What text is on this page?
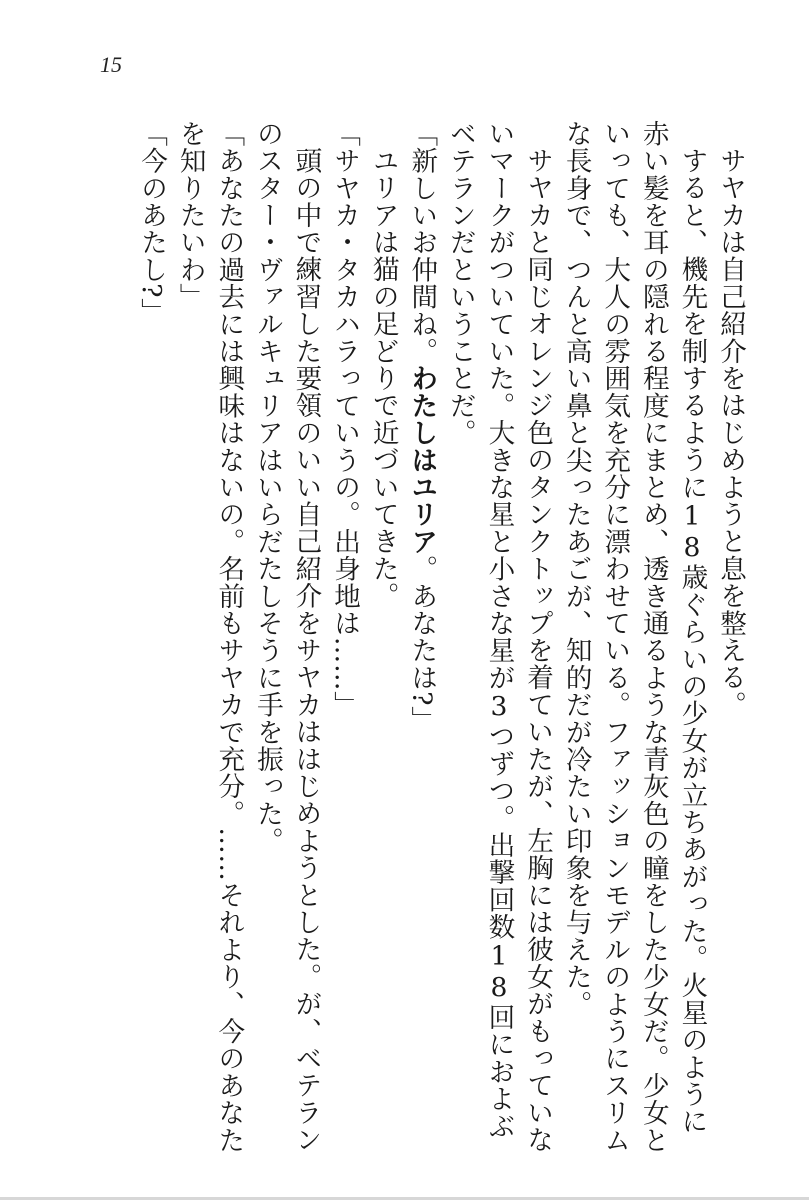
15

サヤカは自己紹介をはじめようと息を整える。

すると、機先を制するように18歳ぐらいの少女が立ちあがった。火星のように赤い髪を耳の隠れる程度にまとめ、透き通るような青灰色の瞳をした少女だ。少女といっても、大人の雰囲気を充分に漂わせている。ファッションモデルのようにスリムな長身で、つんと高い鼻と尖ったあごが、知的だが冷たい印象を与えた。

サヤカと同じオレンジ色のタンクトップを着ていたが、左胸には彼女がもっていないマークがついていた。大きな星と小さな星が3つずつ。出撃回数18回におよぶベテランだということだ。

「新しいお仲間ね。わたしはユリア。あなたは?」

ユリアは猫の足どりで近づいてきた。

「サヤカ・タカハラっていうの。出身地は……」

頭の中で練習した要領のいい自己紹介をサヤカははじめようとした。が、ベテランのスター・ヴァルキュリアはいらだたしそうに手を振った。

「あなたの過去には興味はないの。名前もサヤカで充分。……それより、今のあなたを知りたいわ」

「今のあたし?」
